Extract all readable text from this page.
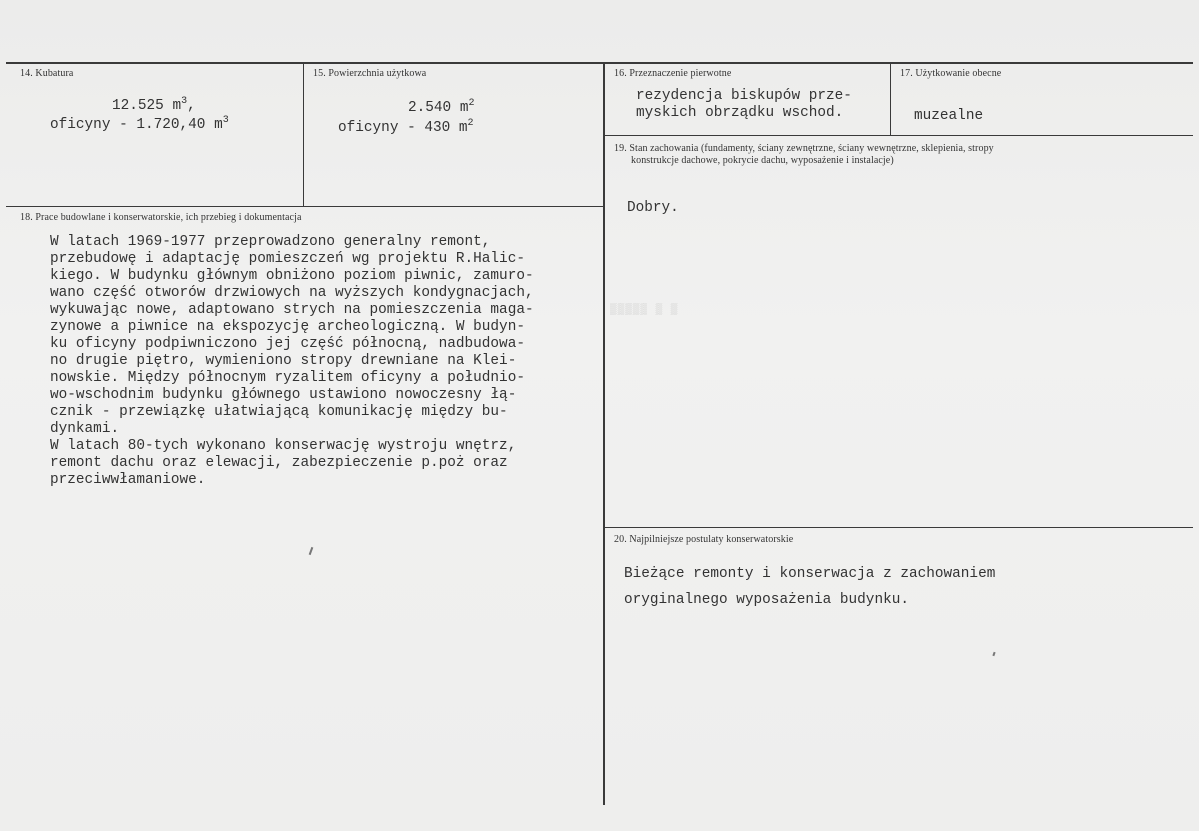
14. Kubatura
12.525 $m^3$,
oficyny - 1.720,40 $m^3$
15. Powierzchnia użytkowa
2.540 $m^2$
oficyny - 430 $m^2$
16. Przeznaczenie pierwotne
rezydencja biskupów prze-
myskich obrządku wschod.
17. Użytkowanie obecne
muzealne
19. Stan zachowania (fundamenty, ściany zewnętrzne, ściany wewnętrzne, sklepienia, stropy
konstrukcje dachowe, pokrycie dachu, wyposażenie i instalacje)
Dobry.
▒▒▒▒▒ ▒ ▒
18. Prace budowlane i konserwatorskie, ich przebieg i dokumentacja
W latach 1969-1977 przeprowadzono generalny remont,
przebudowę i adaptację pomieszczeń wg projektu R.Halic-
kiego. W budynku głównym obniżono poziom piwnic, zamuro-
wano część otworów drzwiowych na wyższych kondygnacjach,
wykuwając nowe, adaptowano strych na pomieszczenia maga-
zynowe a piwnice na ekspozycję archeologiczną. W budyn-
ku oficyny podpiwniczono jej część północną, nadbudowa-
no drugie piętro, wymieniono stropy drewniane na Klei-
nowskie. Między północnym ryzalitem oficyny a południo-
wo-wschodnim budynku głównego ustawiono nowoczesny łą-
cznik - przewiązkę ułatwiającą komunikację między bu-
dynkami.
W latach 80-tych wykonano konserwację wystroju wnętrz,
remont dachu oraz elewacji, zabezpieczenie p.poż oraz
przeciwwłamaniowe.
20. Najpilniejsze postulaty konserwatorskie
Bieżące remonty i konserwacja z zachowaniem
oryginalnego wyposażenia budynku.
